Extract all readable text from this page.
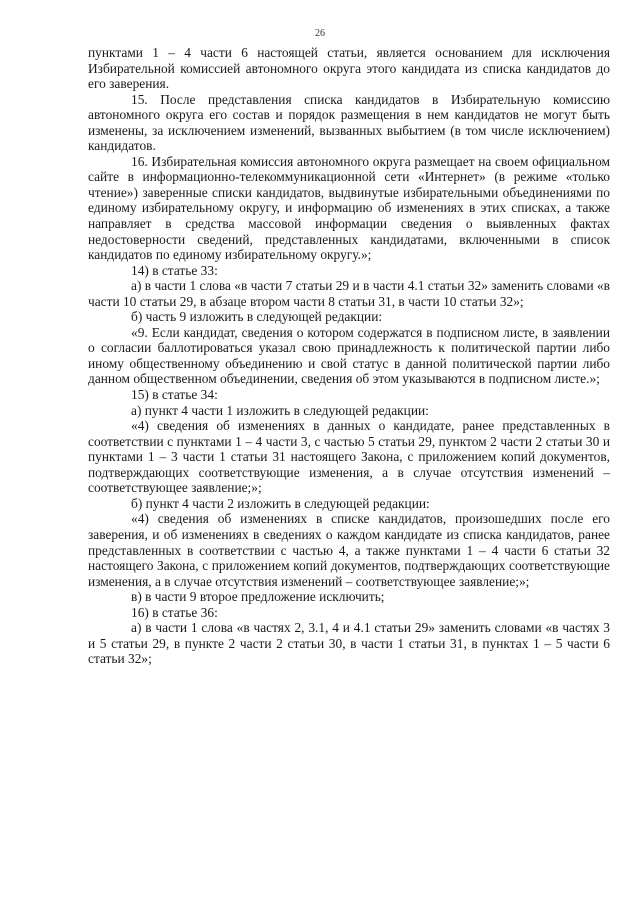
26

пунктами 1 – 4 части 6 настоящей статьи, является основанием для исключения Избирательной комиссией автономного округа этого кандидата из списка кандидатов до его заверения.

15. После представления списка кандидатов в Избирательную комиссию автономного округа его состав и порядок размещения в нем кандидатов не могут быть изменены, за исключением изменений, вызванных выбытием (в том числе исключением) кандидатов.

16. Избирательная комиссия автономного округа размещает на своем официальном сайте в информационно-телекоммуникационной сети «Интернет» (в режиме «только чтение») заверенные списки кандидатов, выдвинутые избирательными объединениями по единому избирательному округу, и информацию об изменениях в этих списках, а также направляет в средства массовой информации сведения о выявленных фактах недостоверности сведений, представленных кандидатами, включенными в список кандидатов по единому избирательному округу.»;

14) в статье 33:

а) в части 1 слова «в части 7 статьи 29 и в части 4.1 статьи 32» заменить словами «в части 10 статьи 29, в абзаце втором части 8 статьи 31, в части 10 статьи 32»;

б) часть 9 изложить в следующей редакции:

«9. Если кандидат, сведения о котором содержатся в подписном листе, в заявлении о согласии баллотироваться указал свою принадлежность к политической партии либо иному общественному объединению и свой статус в данной политической партии либо данном общественном объединении, сведения об этом указываются в подписном листе.»;

15) в статье 34:

а) пункт 4 части 1 изложить в следующей редакции:

«4) сведения об изменениях в данных о кандидате, ранее представленных в соответствии с пунктами 1 – 4 части 3, с частью 5 статьи 29, пунктом 2 части 2 статьи 30 и пунктами 1 – 3 части 1 статьи 31 настоящего Закона, с приложением копий документов, подтверждающих соответствующие изменения, а в случае отсутствия изменений – соответствующее заявление;»;

б) пункт 4 части 2 изложить в следующей редакции:

«4) сведения об изменениях в списке кандидатов, произошедших после его заверения, и об изменениях в сведениях о каждом кандидате из списка кандидатов, ранее представленных в соответствии с частью 4, а также пунктами 1 – 4 части 6 статьи 32 настоящего Закона, с приложением копий документов, подтверждающих соответствующие изменения, а в случае отсутствия изменений – соответствующее заявление;»;

в) в части 9 второе предложение исключить;

16) в статье 36:

а) в части 1 слова «в частях 2, 3.1, 4 и 4.1 статьи 29» заменить словами «в частях 3 и 5 статьи 29, в пункте 2 части 2 статьи 30, в части 1 статьи 31, в пунктах 1 – 5 части 6 статьи 32»;
